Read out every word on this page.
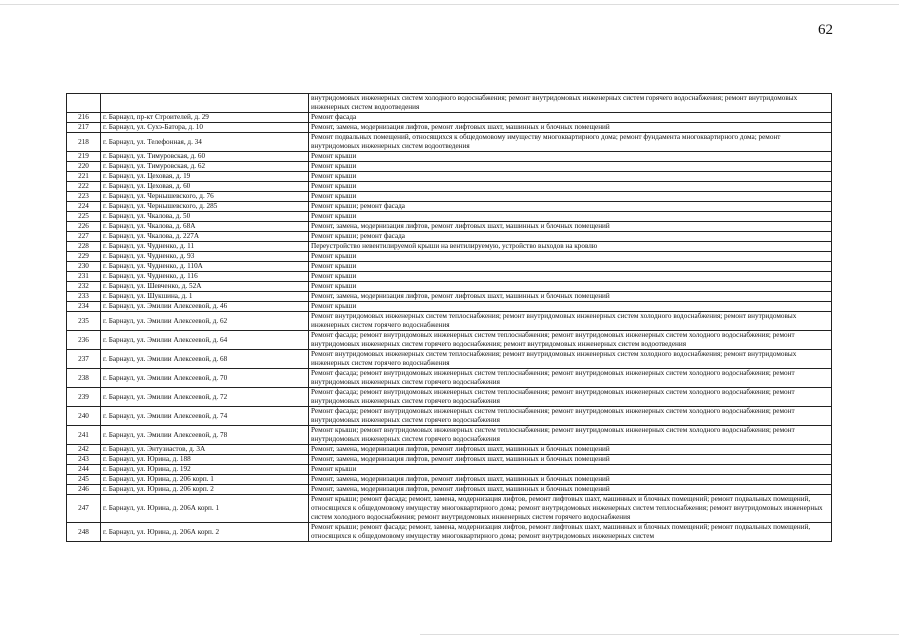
62
		внутридомовых инженерных систем холодного водоснабжения; ремонт внутридомовых инженерных систем горячего водоснабжения; ремонт внутридомовых инженерных систем водоотведения
216	г. Барнаул, пр-кт Строителей, д. 29	Ремонт фасада
217	г. Барнаул, ул. Сухэ-Батора, д. 10	Ремонт, замена, модернизация лифтов, ремонт лифтовых шахт, машинных и блочных помещений
218	г. Барнаул, ул. Телефонная, д. 34	Ремонт подвальных помещений, относящихся к общедомовому имуществу многоквартирного дома; ремонт фундамента многоквартирного дома; ремонт внутридомовых инженерных систем водоотведения
219	г. Барнаул, ул. Тимуровская, д. 60	Ремонт крыши
220	г. Барнаул, ул. Тимуровская, д. 62	Ремонт крыши
221	г. Барнаул, ул. Цеховая, д. 19	Ремонт крыши
222	г. Барнаул, ул. Цеховая, д. 60	Ремонт крыши
223	г. Барнаул, ул. Чернышевского, д. 76	Ремонт крыши
224	г. Барнаул, ул. Чернышевского, д. 285	Ремонт крыши; ремонт фасада
225	г. Барнаул, ул. Чкалова, д. 50	Ремонт крыши
226	г. Барнаул, ул. Чкалова, д. 68А	Ремонт, замена, модернизация лифтов, ремонт лифтовых шахт, машинных и блочных помещений
227	г. Барнаул, ул. Чкалова, д. 227А	Ремонт крыши; ремонт фасада
228	г. Барнаул, ул. Чудненко, д. 11	Переустройство невентилируемой крыши на вентилируемую, устройство выходов на кровлю
229	г. Барнаул, ул. Чудненко, д. 93	Ремонт крыши
230	г. Барнаул, ул. Чудненко, д. 110А	Ремонт крыши
231	г. Барнаул, ул. Чудненко, д. 116	Ремонт крыши
232	г. Барнаул, ул. Шевченко, д. 52А	Ремонт крыши
233	г. Барнаул, ул. Шукшина, д. 1	Ремонт, замена, модернизация лифтов, ремонт лифтовых шахт, машинных и блочных помещений
234	г. Барнаул, ул. Эмилии Алексеевой, д. 46	Ремонт крыши
235	г. Барнаул, ул. Эмилии Алексеевой, д. 62	Ремонт внутридомовых инженерных систем теплоснабжения; ремонт внутридомовых инженерных систем холодного водоснабжения; ремонт внутридомовых инженерных систем горячего водоснабжения
236	г. Барнаул, ул. Эмилии Алексеевой, д. 64	Ремонт фасада; ремонт внутридомовых инженерных систем теплоснабжения; ремонт внутридомовых инженерных систем холодного водоснабжения; ремонт внутридомовых инженерных систем горячего водоснабжения; ремонт внутридомовых инженерных систем водоотведения
237	г. Барнаул, ул. Эмилии Алексеевой, д. 68	Ремонт внутридомовых инженерных систем теплоснабжения; ремонт внутридомовых инженерных систем холодного водоснабжения; ремонт внутридомовых инженерных систем горячего водоснабжения
238	г. Барнаул, ул. Эмилии Алексеевой, д. 70	Ремонт фасада; ремонт внутридомовых инженерных систем теплоснабжения; ремонт внутридомовых инженерных систем холодного водоснабжения; ремонт внутридомовых инженерных систем горячего водоснабжения
239	г. Барнаул, ул. Эмилии Алексеевой, д. 72	Ремонт фасада; ремонт внутридомовых инженерных систем теплоснабжения; ремонт внутридомовых инженерных систем холодного водоснабжения; ремонт внутридомовых инженерных систем горячего водоснабжения
240	г. Барнаул, ул. Эмилии Алексеевой, д. 74	Ремонт фасада; ремонт внутридомовых инженерных систем теплоснабжения; ремонт внутридомовых инженерных систем холодного водоснабжения; ремонт внутридомовых инженерных систем горячего водоснабжения
241	г. Барнаул, ул. Эмилии Алексеевой, д. 78	Ремонт крыши; ремонт внутридомовых инженерных систем теплоснабжения; ремонт внутридомовых инженерных систем холодного водоснабжения; ремонт внутридомовых инженерных систем горячего водоснабжения
242	г. Барнаул, ул. Энтузиастов, д. 3А	Ремонт, замена, модернизация лифтов, ремонт лифтовых шахт, машинных и блочных помещений
243	г. Барнаул, ул. Юрина, д. 188	Ремонт, замена, модернизация лифтов, ремонт лифтовых шахт, машинных и блочных помещений
244	г. Барнаул, ул. Юрина, д. 192	Ремонт крыши
245	г. Барнаул, ул. Юрина, д. 206 корп. 1	Ремонт, замена, модернизация лифтов, ремонт лифтовых шахт, машинных и блочных помещений
246	г. Барнаул, ул. Юрина, д. 206 корп. 2	Ремонт, замена, модернизация лифтов, ремонт лифтовых шахт, машинных и блочных помещений
247	г. Барнаул, ул. Юрина, д. 206А корп. 1	Ремонт крыши; ремонт фасада; ремонт, замена, модернизация лифтов, ремонт лифтовых шахт, машинных и блочных помещений; ремонт подвальных помещений, относящихся к общедомовому имуществу многоквартирного дома; ремонт внутридомовых инженерных систем теплоснабжения; ремонт внутридомовых инженерных систем холодного водоснабжения; ремонт внутридомовых инженерных систем горячего водоснабжения
248	г. Барнаул, ул. Юрина, д. 206А корп. 2	Ремонт крыши; ремонт фасада; ремонт, замена, модернизация лифтов, ремонт лифтовых шахт, машинных и блочных помещений; ремонт подвальных помещений, относящихся к общедомовому имуществу многоквартирного дома; ремонт внутридомовых инженерных систем
